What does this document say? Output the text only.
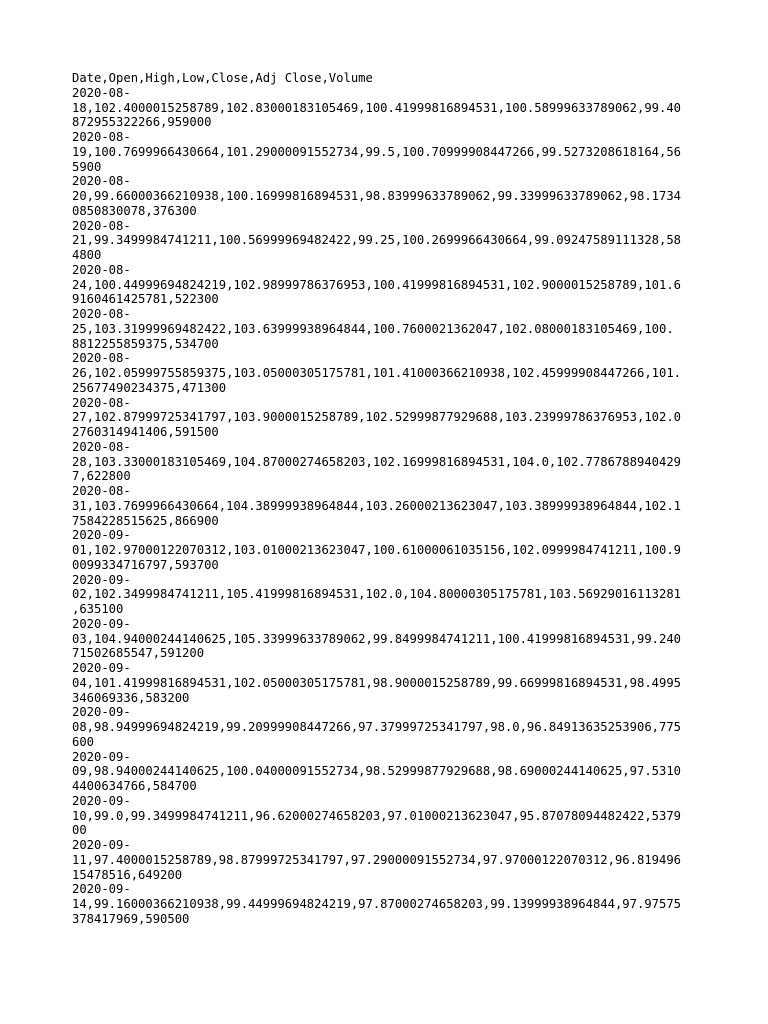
Date,Open,High,Low,Close,Adj Close,Volume
2020-08-
18,102.4000015258789,102.83000183105469,100.41999816894531,100.58999633789062,99.40
872955322266,959000
2020-08-
19,100.7699966430664,101.29000091552734,99.5,100.70999908447266,99.5273208618164,56
5900
2020-08-
20,99.66000366210938,100.16999816894531,98.83999633789062,99.33999633789062,98.1734
0850830078,376300
2020-08-
21,99.3499984741211,100.56999969482422,99.25,100.2699966430664,99.09247589111328,58
4800
2020-08-
24,100.44999694824219,102.98999786376953,100.41999816894531,102.9000015258789,101.6
9160461425781,522300
2020-08-
25,103.31999969482422,103.63999938964844,100.7600021362047,102.08000183105469,100.
8812255859375,534700
2020-08-
26,102.05999755859375,103.05000305175781,101.41000366210938,102.45999908447266,101.
25677490234375,471300
2020-08-
27,102.87999725341797,103.9000015258789,102.52999877929688,103.23999786376953,102.0
2760314941406,591500
2020-08-
28,103.33000183105469,104.87000274658203,102.16999816894531,104.0,102.7786788940429
7,622800
2020-08-
31,103.7699966430664,104.38999938964844,103.26000213623047,103.38999938964844,102.1
7584228515625,866900
2020-09-
01,102.97000122070312,103.01000213623047,100.61000061035156,102.0999984741211,100.9
0099334716797,593700
2020-09-
02,102.3499984741211,105.41999816894531,102.0,104.80000305175781,103.56929016113281
,635100
2020-09-
03,104.94000244140625,105.33999633789062,99.8499984741211,100.41999816894531,99.240
71502685547,591200
2020-09-
04,101.41999816894531,102.05000305175781,98.9000015258789,99.66999816894531,98.4995
346069336,583200
2020-09-
08,98.94999694824219,99.20999908447266,97.37999725341797,98.0,96.84913635253906,775
600
2020-09-
09,98.94000244140625,100.04000091552734,98.52999877929688,98.69000244140625,97.5310
4400634766,584700
2020-09-
10,99.0,99.3499984741211,96.62000274658203,97.01000213623047,95.87078094482422,5379
00
2020-09-
11,97.4000015258789,98.87999725341797,97.29000091552734,97.97000122070312,96.819496
15478516,649200
2020-09-
14,99.16000366210938,99.44999694824219,97.87000274658203,99.13999938964844,97.97575
378417969,590500
